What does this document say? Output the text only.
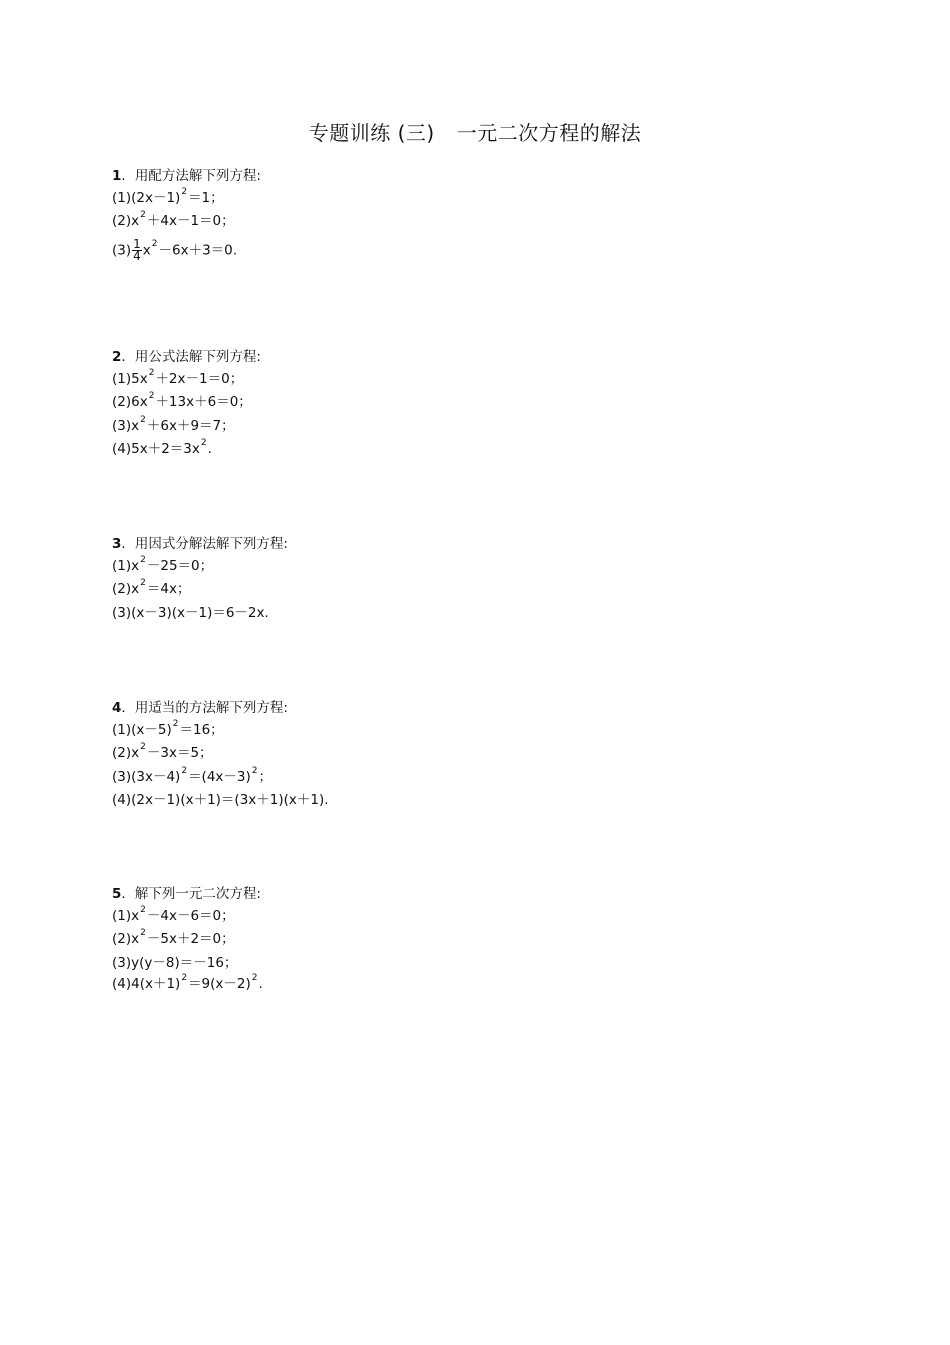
专题训练 (三) 一元二次方程的解法
1．用配方法解下列方程:
$(1)(2x-1)^2=1$；
$(2)x^2+4x-1=0$；
$(3) \frac{1}{4} x^2-6x+3=0$.
2．用公式法解下列方程:
$(1)5x^2+2x-1=0$；
$(2)6x^2+13x+6=0$；
$(3)x^2+6x+9=7$；
$(4)5x+2=3x^2$.
3．用因式分解法解下列方程:
$(1)x^2-25=0$；
$(2)x^2=4x$；
(3)(x－3)(x－1)＝6－2x.
4．用适当的方法解下列方程:
$(1)(x-5)^2=16$；
$(2)x^2-3x=5$；
$(3)(3x-4)^2=(4x-3)^2$；
(4)(2x－1)(x＋1)＝(3x＋1)(x＋1).
5．解下列一元二次方程:
$(1)x^2-4x-6=0$；
$(2)x^2-5x+2=0$；
(3)y(y－8)＝－16；
$(4)4(x+1)^2=9(x-2)^2$.
